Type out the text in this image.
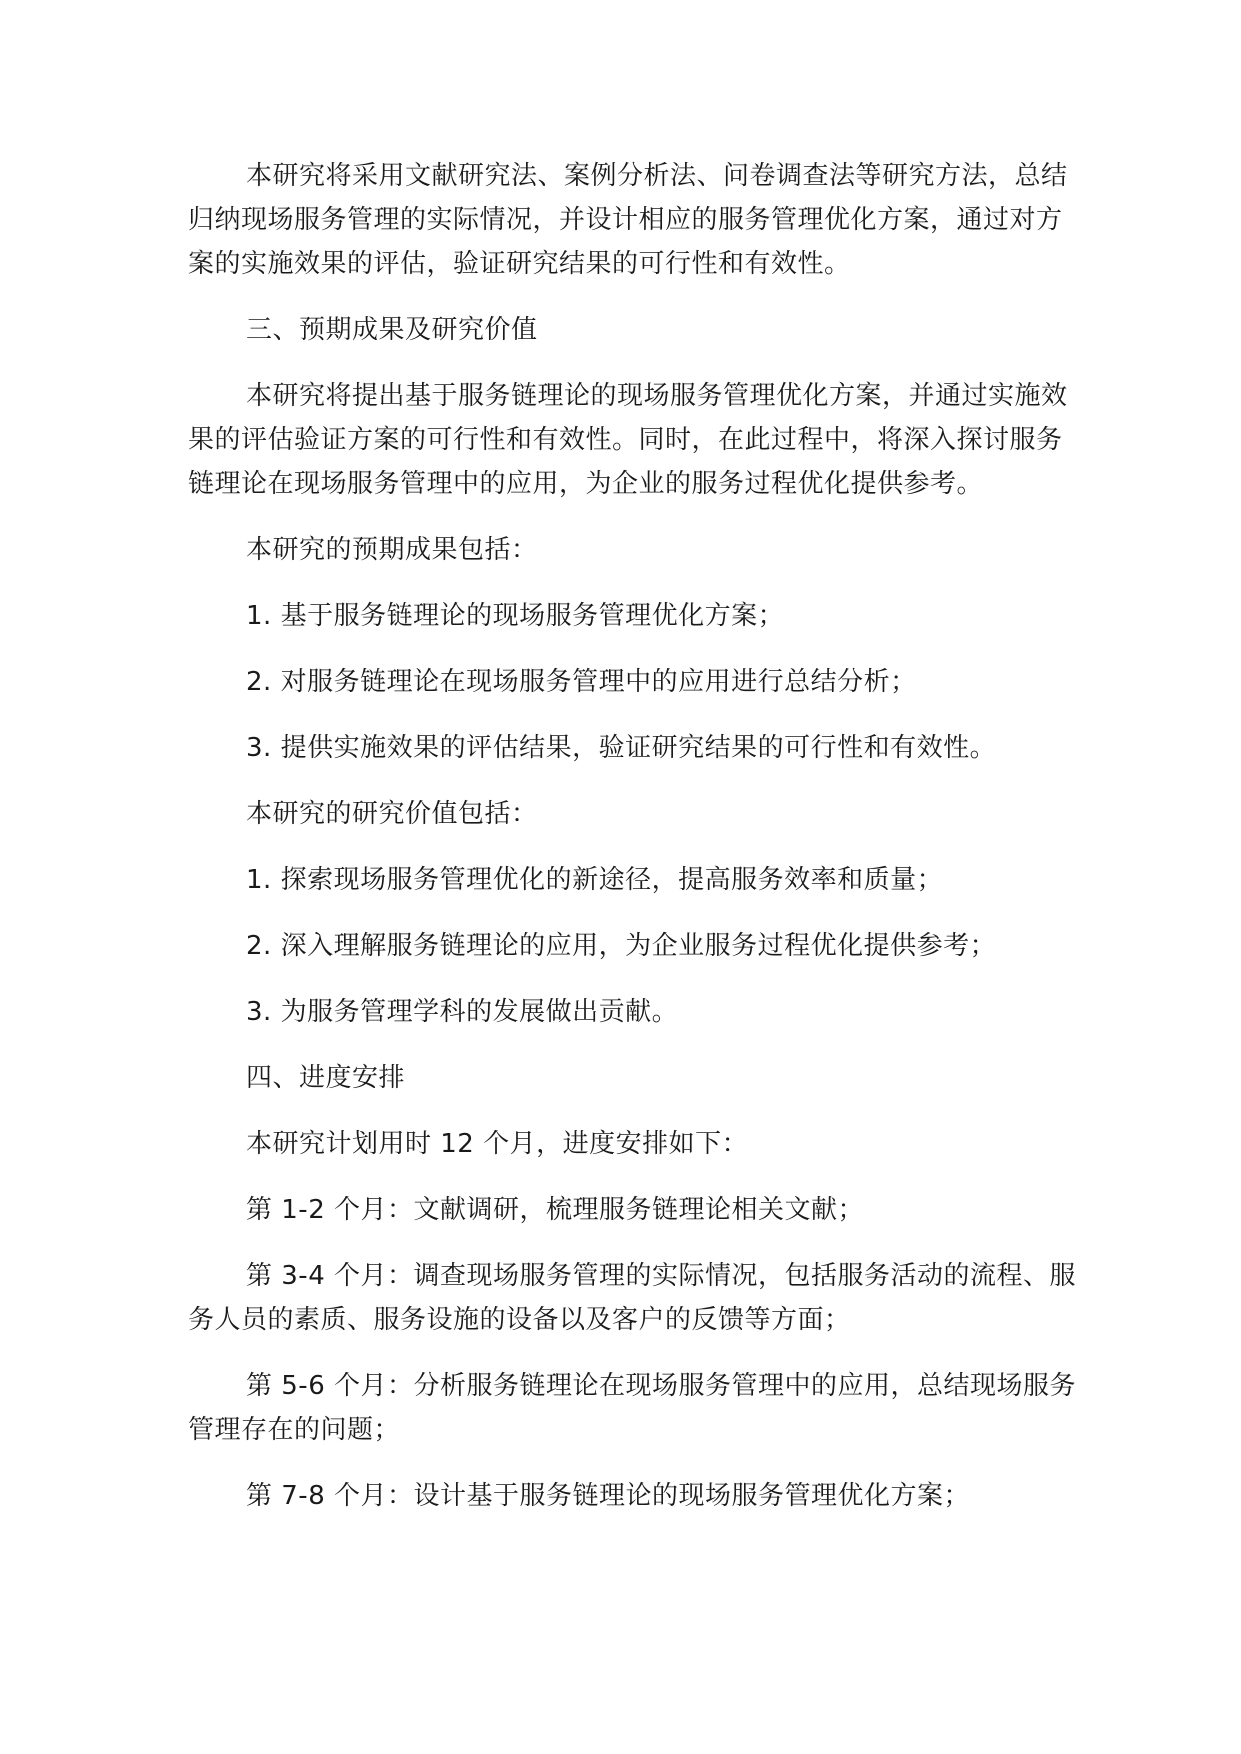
本研究将采用文献研究法、案例分析法、问卷调查法等研究方法，总结归纳现场服务管理的实际情况，并设计相应的服务管理优化方案，通过对方案的实施效果的评估，验证研究结果的可行性和有效性。

三、预期成果及研究价值

本研究将提出基于服务链理论的现场服务管理优化方案，并通过实施效果的评估验证方案的可行性和有效性。同时，在此过程中，将深入探讨服务链理论在现场服务管理中的应用，为企业的服务过程优化提供参考。

本研究的预期成果包括：

1. 基于服务链理论的现场服务管理优化方案；

2. 对服务链理论在现场服务管理中的应用进行总结分析；

3. 提供实施效果的评估结果，验证研究结果的可行性和有效性。

本研究的研究价值包括：

1. 探索现场服务管理优化的新途径，提高服务效率和质量；

2. 深入理解服务链理论的应用，为企业服务过程优化提供参考；

3. 为服务管理学科的发展做出贡献。

四、进度安排

本研究计划用时 12 个月，进度安排如下：

第 1-2 个月：文献调研，梳理服务链理论相关文献；

第 3-4 个月：调查现场服务管理的实际情况，包括服务活动的流程、服务人员的素质、服务设施的设备以及客户的反馈等方面；

第 5-6 个月：分析服务链理论在现场服务管理中的应用，总结现场服务管理存在的问题；

第 7-8 个月：设计基于服务链理论的现场服务管理优化方案；
